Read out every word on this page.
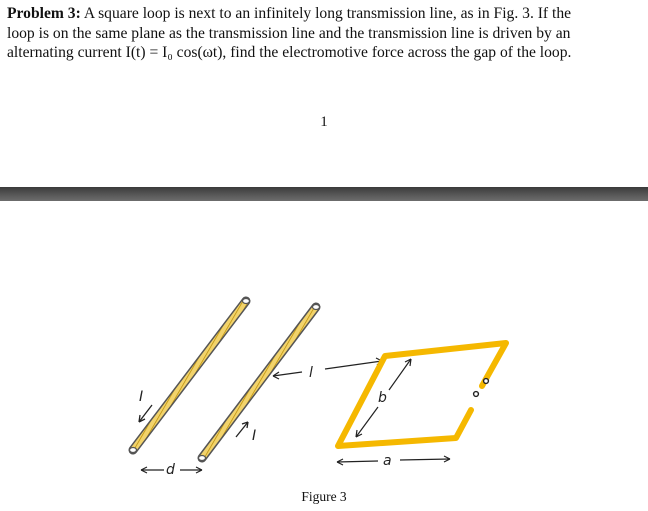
Problem 3: A square loop is next to an infinitely long transmission line, as in Fig. 3. If the
loop is on the same plane as the transmission line and the transmission line is driven by an
alternating current I(t) = I₀ cos(ωt), find the electromotive force across the gap of the loop.
1
I
I
d
l
b
a
Figure 3
